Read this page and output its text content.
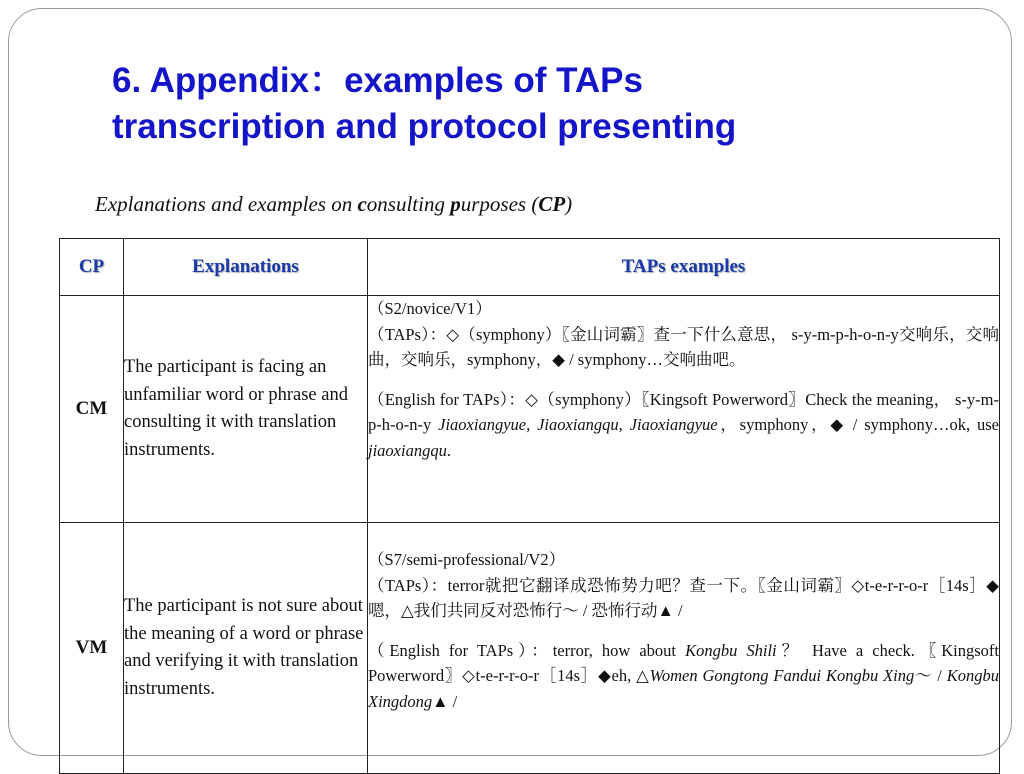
6. Appendix：examples of TAPs
transcription and protocol presenting
Explanations and examples on consulting purposes (CP)
CP	Explanations	TAPs examples
CM	The participant is facing an unfamiliar word or phrase and consulting it with translation instruments.	（S2/novice/V1）

（TAPs）：◇（symphony）〖金山词霸〗查一下什么意思， s-y-m-p-h-o-n-y交响乐，交响曲，交响乐，symphony，◆ / symphony…交响曲吧。

（English for TAPs）：◇（symphony）〖Kingsoft Powerword〗Check the meaning， s-y-m-p-h-o-n-y Jiaoxiangyue, Jiaoxiangqu, Jiaoxiangyue，symphony，◆ / symphony…ok, use jiaoxiangqu.

VM	The participant is not sure about the meaning of a word or phrase and verifying it with translation instruments.	（S7/semi-professional/V2）

（TAPs）：terror就把它翻译成恐怖势力吧？查一下。〖金山词霸〗◇t-e-r-r-o-r［14s］◆嗯，△我们共同反对恐怖行～ / 恐怖行动▲ /

（English for TAPs）：terror, how about Kongbu Shili？ Have a check.〖Kingsoft Powerword〗◇t-e-r-r-o-r［14s］◆eh, △Women Gongtong Fandui Kongbu Xing～ / Kongbu Xingdong▲ /
